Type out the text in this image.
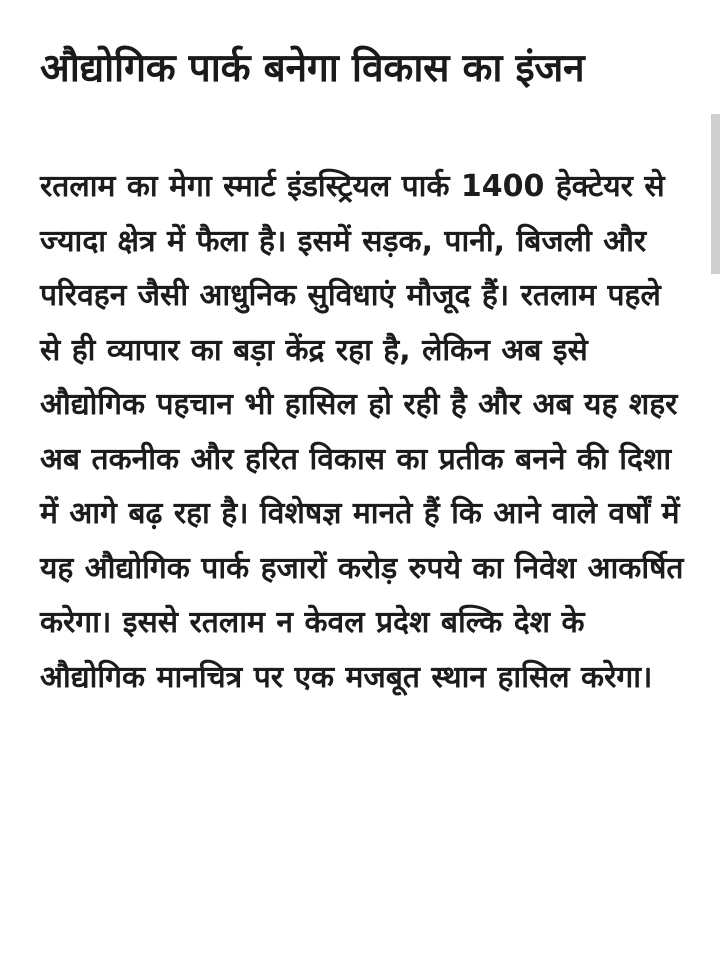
औद्योगिक पार्क बनेगा विकास का इंजन

रतलाम का मेगा स्मार्ट इंडस्ट्रियल पार्क 1400 हेक्टेयर से ज्यादा क्षेत्र में फैला है। इसमें सड़क, पानी, बिजली और परिवहन जैसी आधुनिक सुविधाएं मौजूद हैं। रतलाम पहले से ही व्यापार का बड़ा केंद्र रहा है, लेकिन अब इसे औद्योगिक पहचान भी हासिल हो रही है और अब यह शहर अब तकनीक और हरित विकास का प्रतीक बनने की दिशा में आगे बढ़ रहा है। विशेषज्ञ मानते हैं कि आने वाले वर्षों में यह औद्योगिक पार्क हजारों करोड़ रुपये का निवेश आकर्षित करेगा। इससे रतलाम न केवल प्रदेश बल्कि देश के औद्योगिक मानचित्र पर एक मजबूत स्थान हासिल करेगा।
